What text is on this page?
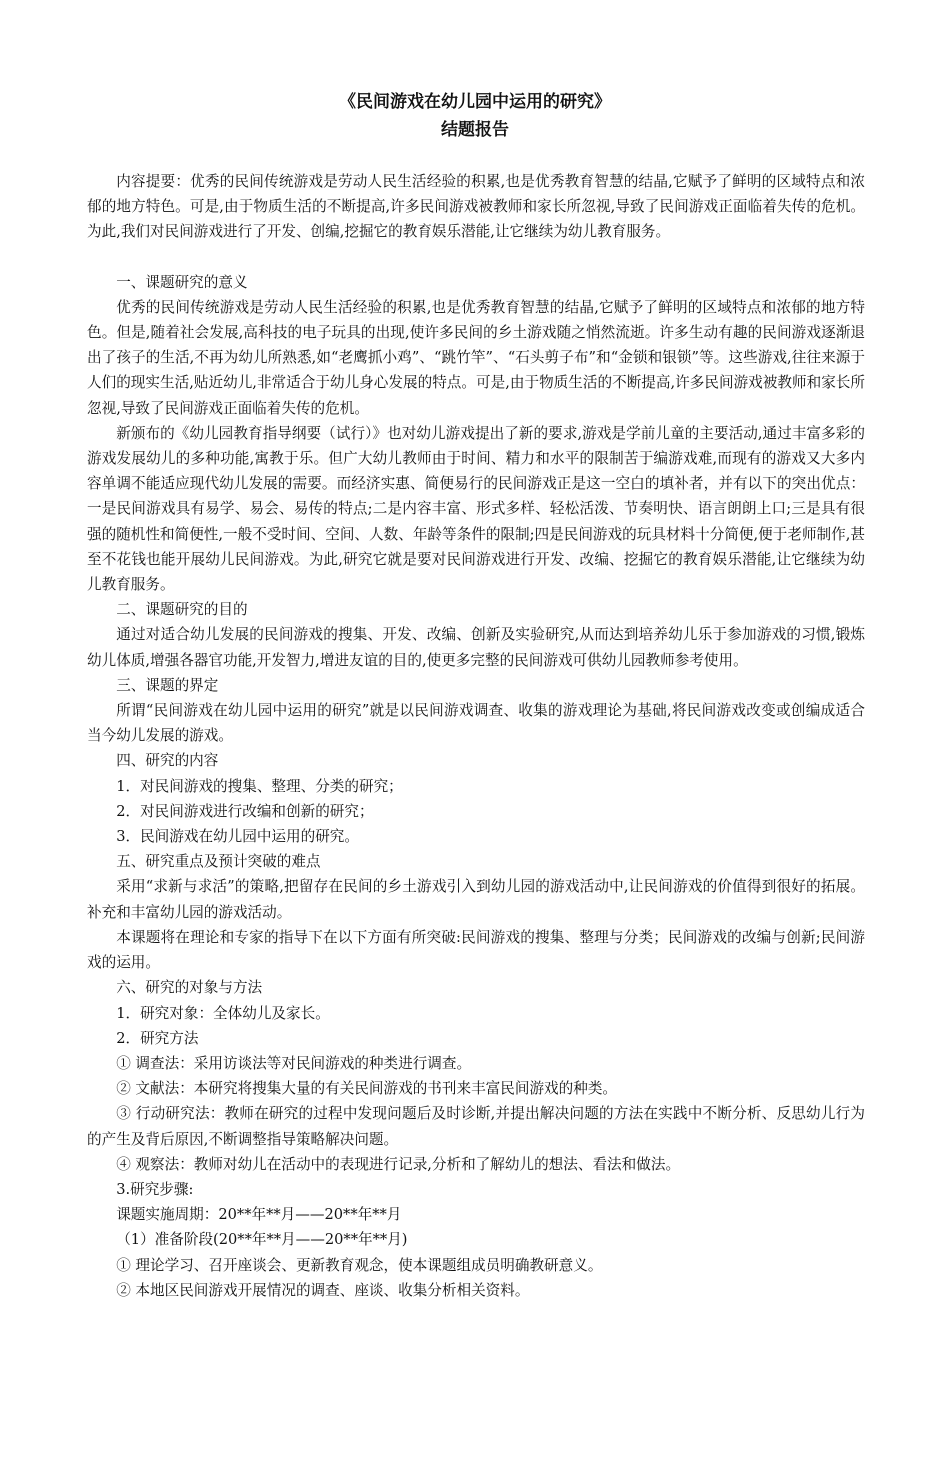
《民间游戏在幼儿园中运用的研究》
结题报告

内容提要：优秀的民间传统游戏是劳动人民生活经验的积累,也是优秀教育智慧的结晶,它赋予了鲜明的区域特点和浓郁的地方特色。可是,由于物质生活的不断提高,许多民间游戏被教师和家长所忽视,导致了民间游戏正面临着失传的危机。为此,我们对民间游戏进行了开发、创编,挖掘它的教育娱乐潜能,让它继续为幼儿教育服务。

一、课题研究的意义

优秀的民间传统游戏是劳动人民生活经验的积累,也是优秀教育智慧的结晶,它赋予了鲜明的区域特点和浓郁的地方特色。但是,随着社会发展,高科技的电子玩具的出现,使许多民间的乡土游戏随之悄然流逝。许多生动有趣的民间游戏逐渐退出了孩子的生活,不再为幼儿所熟悉,如“老鹰抓小鸡”、“跳竹竿”、“石头剪子布”和“金锁和银锁”等。这些游戏,往往来源于人们的现实生活,贴近幼儿,非常适合于幼儿身心发展的特点。可是,由于物质生活的不断提高,许多民间游戏被教师和家长所忽视,导致了民间游戏正面临着失传的危机。

新颁布的《幼儿园教育指导纲要（试行）》也对幼儿游戏提出了新的要求,游戏是学前儿童的主要活动,通过丰富多彩的游戏发展幼儿的多种功能,寓教于乐。但广大幼儿教师由于时间、精力和水平的限制苦于编游戏难,而现有的游戏又大多内容单调不能适应现代幼儿发展的需要。而经济实惠、简便易行的民间游戏正是这一空白的填补者，并有以下的突出优点：一是民间游戏具有易学、易会、易传的特点;二是内容丰富、形式多样、轻松活泼、节奏明快、语言朗朗上口;三是具有很强的随机性和简便性,一般不受时间、空间、人数、年龄等条件的限制;四是民间游戏的玩具材料十分简便,便于老师制作,甚至不花钱也能开展幼儿民间游戏。为此,研究它就是要对民间游戏进行开发、改编、挖掘它的教育娱乐潜能,让它继续为幼儿教育服务。

二、课题研究的目的

通过对适合幼儿发展的民间游戏的搜集、开发、改编、创新及实验研究,从而达到培养幼儿乐于参加游戏的习惯,锻炼幼儿体质,增强各器官功能,开发智力,增进友谊的目的,使更多完整的民间游戏可供幼儿园教师参考使用。

三、课题的界定

所谓“民间游戏在幼儿园中运用的研究”就是以民间游戏调查、收集的游戏理论为基础,将民间游戏改变或创编成适合当今幼儿发展的游戏。

四、研究的内容

1．对民间游戏的搜集、整理、分类的研究；

2．对民间游戏进行改编和创新的研究；

3．民间游戏在幼儿园中运用的研究。

五、研究重点及预计突破的难点

采用“求新与求活”的策略,把留存在民间的乡土游戏引入到幼儿园的游戏活动中,让民间游戏的价值得到很好的拓展。补充和丰富幼儿园的游戏活动。

本课题将在理论和专家的指导下在以下方面有所突破:民间游戏的搜集、整理与分类；民间游戏的改编与创新;民间游戏的运用。

六、研究的对象与方法

1．研究对象：全体幼儿及家长。

2．研究方法

① 调查法：采用访谈法等对民间游戏的种类进行调查。

② 文献法：本研究将搜集大量的有关民间游戏的书刊来丰富民间游戏的种类。

③ 行动研究法：教师在研究的过程中发现问题后及时诊断,并提出解决问题的方法在实践中不断分析、反思幼儿行为的产生及背后原因,不断调整指导策略解决问题。

④ 观察法：教师对幼儿在活动中的表现进行记录,分析和了解幼儿的想法、看法和做法。

3.研究步骤:

课题实施周期：20**年**月——20**年**月

（1）准备阶段(20**年**月——20**年**月)

① 理论学习、召开座谈会、更新教育观念，使本课题组成员明确教研意义。

② 本地区民间游戏开展情况的调查、座谈、收集分析相关资料。
